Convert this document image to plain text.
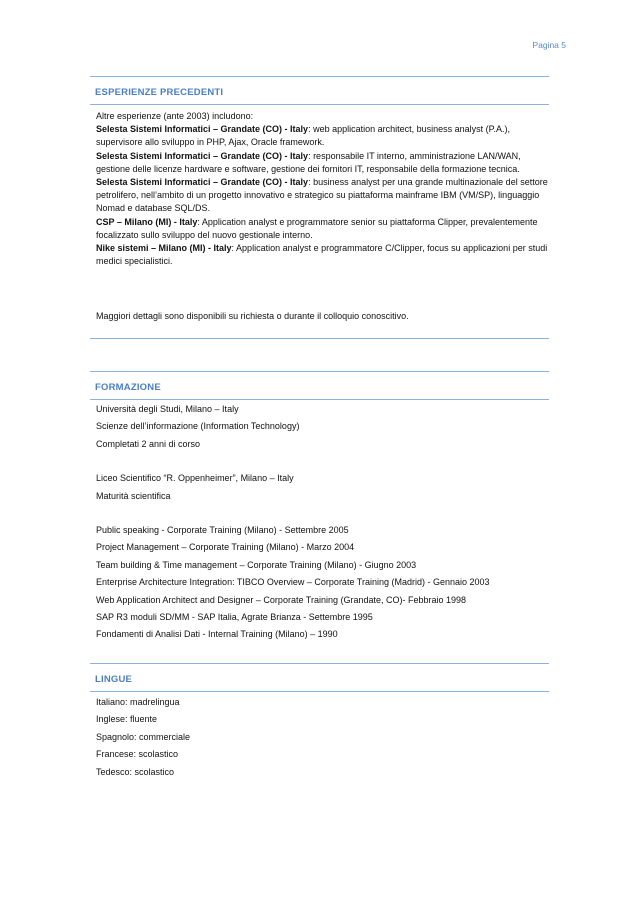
Pagina 5
ESPERIENZE PRECEDENTI
Altre esperienze (ante 2003) includono:
Selesta Sistemi Informatici – Grandate (CO) - Italy: web application architect, business analyst (P.A.), supervisore allo sviluppo in PHP, Ajax, Oracle framework.
Selesta Sistemi Informatici – Grandate (CO) - Italy: responsabile IT interno, amministrazione LAN/WAN, gestione delle licenze hardware e software, gestione dei fornitori IT, responsabile della formazione tecnica.
Selesta Sistemi Informatici – Grandate (CO) - Italy: business analyst per una grande multinazionale del settore petrolifero, nell’ambito di un progetto innovativo e strategico su piattaforma mainframe IBM (VM/SP), linguaggio Nomad e database SQL/DS.
CSP – Milano (MI) - Italy: Application analyst e programmatore senior su piattaforma Clipper, prevalentemente focalizzato sullo sviluppo del nuovo gestionale interno.
Nike sistemi – Milano (MI) - Italy: Application analyst e programmatore C/Clipper, focus su applicazioni per studi medici specialistici.
Maggiori dettagli sono disponibili su richiesta o durante il colloquio conoscitivo.
FORMAZIONE
Università degli Studi, Milano – Italy
Scienze dell’informazione (Information Technology)
Completati 2 anni di corso
Liceo Scientifico “R. Oppenheimer”, Milano – Italy
Maturità scientifica
Public speaking - Corporate Training (Milano) - Settembre 2005
Project Management – Corporate Training (Milano) - Marzo 2004
Team building & Time management – Corporate Training (Milano) - Giugno 2003
Enterprise Architecture Integration: TIBCO Overview – Corporate Training (Madrid) - Gennaio 2003
Web Application Architect and Designer – Corporate Training (Grandate, CO)- Febbraio 1998
SAP R3 moduli SD/MM - SAP Italia, Agrate Brianza - Settembre 1995
Fondamenti di Analisi Dati - Internal Training (Milano) – 1990
LINGUE
Italiano: madrelingua
Inglese: fluente
Spagnolo: commerciale
Francese: scolastico
Tedesco: scolastico
